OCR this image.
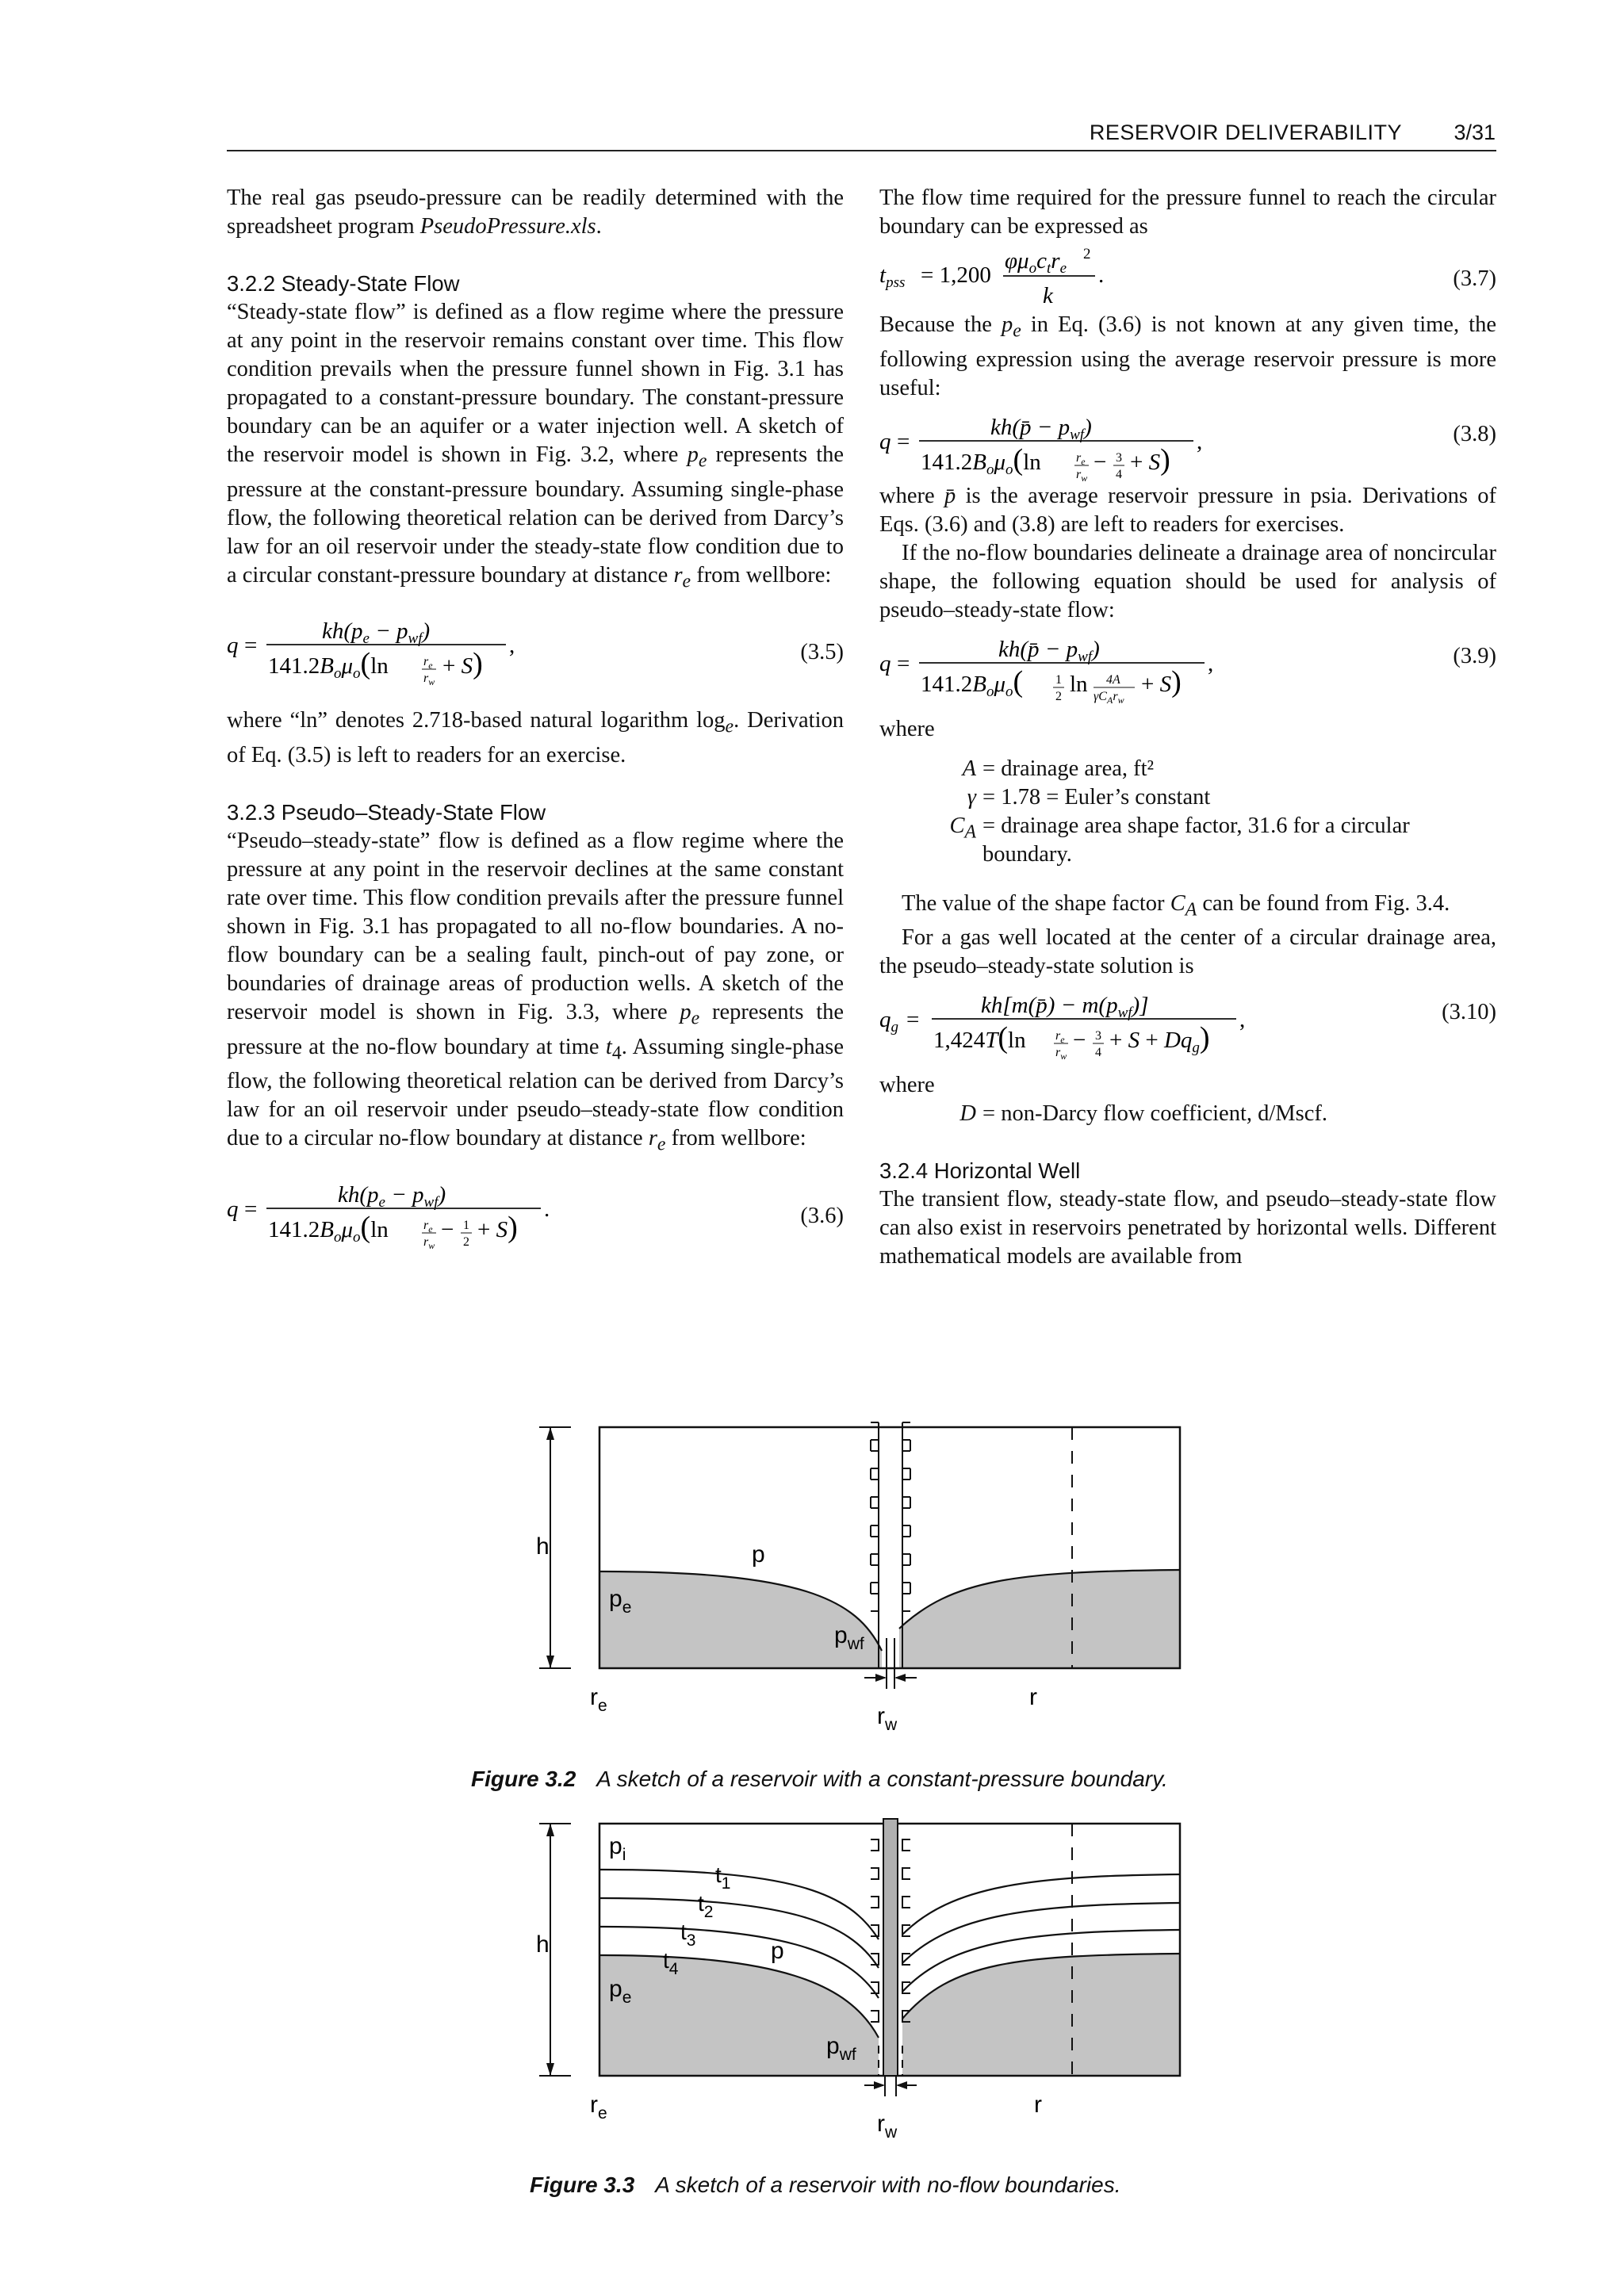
RESERVOIR DELIVERABILITY 3/31

The real gas pseudo-pressure can be readily determined with the spreadsheet program PseudoPressure.xls.

3.2.2 Steady-State Flow

“Steady-state flow” is defined as a flow regime where the pressure at any point in the reservoir remains constant over time. This flow condition prevails when the pressure funnel shown in Fig. 3.1 has propagated to a constant-pressure boundary. The constant-pressure boundary can be an aquifer or a water injection well. A sketch of the reservoir model is shown in Fig. 3.2, where $p_e$ represents the pressure at the constant-pressure boundary. Assuming single-phase flow, the following theoretical relation can be derived from Darcy’s law for an oil reservoir under the steady-state flow condition due to a circular constant-pressure boundary at distance $r_e$ from wellbore:

q =
$kh(p_e - p_{wf})$
$141.2B_o\mu_o(\ln$	$r_e$
$r_w$
+ S)
,	(3.5)

where “ln” denotes 2.718-based natural logarithm $\log_e$. Derivation of Eq. (3.5) is left to readers for an exercise.

3.2.3 Pseudo–Steady-State Flow

“Pseudo–steady-state” flow is defined as a flow regime where the pressure at any point in the reservoir declines at the same constant rate over time. This flow condition prevails after the pressure funnel shown in Fig. 3.1 has propagated to all no-flow boundaries. A no-flow boundary can be a sealing fault, pinch-out of pay zone, or boundaries of drainage areas of production wells. A sketch of the reservoir model is shown in Fig. 3.3, where $p_e$ represents the pressure at the no-flow boundary at time $t_4$. Assuming single-phase flow, the following theoretical relation can be derived from Darcy’s law for an oil reservoir under pseudo–steady-state flow condition due to a circular no-flow boundary at distance $r_e$ from wellbore:

q =
$kh(p_e - p_{wf})$
$141.2B_o\mu_o(\ln$	$r_e$
$r_w$
− 1
2 + S)
.	(3.6)

The flow time required for the pressure funnel to reach the circular boundary can be expressed as

$t_{pss} = 1,200$
$\varphi\mu_oc_tr_e$
2
k
.	(3.7)

Because the $p_e$ in Eq. (3.6) is not known at any given time, the following expression using the average reservoir pressure is more useful:

q =
kh(p̄ − $p_{wf}$)
$141.2B_o\mu_o(\ln$	$r_e$
$r_w$
− 3
4 + S)
,	(3.8)

where p̄ is the average reservoir pressure in psia. Derivations of Eqs. (3.6) and (3.8) are left to readers for exercises.

If the no-flow boundaries delineate a drainage area of noncircular shape, the following equation should be used for analysis of pseudo–steady-state flow:

q =
kh(p̄ − $p_{wf}$)
$141.2B_o\mu_o$(	1
2 ln 4A
$\gamma C_Ar_w$
+ S)
,	(3.9)

where

A = drainage area, ft²
γ = 1.78 = Euler’s constant
$C_A$ = drainage area shape factor, 31.6 for a circular boundary.

The value of the shape factor $C_A$ can be found from Fig. 3.4.

For a gas well located at the center of a circular drainage area, the pseudo–steady-state solution is

$q_g$ =
kh[m(p̄) − $m(p_{wf})$]
1,424T(ln $r_e$
$r_w$
− 3
$4 + S + Dq_g$)
,	(3.10)

where

D = non-Darcy flow coefficient, d/Mscf.

3.2.4 Horizontal Well

The transient flow, steady-state flow, and pseudo–steady-state flow can also exist in reservoirs penetrated by horizontal wells. Different mathematical models are available from

h	p
$p_e$
$p_{wf}$
$r_e$	$r_w$
r
Figure 3.2 A sketch of a reservoir with a constant-pressure boundary.
h
$p_i$
$t_1$
$t_2$
$t_3$
$t_4$
p
$p_e$
$p_{wf}$
$r_e$	$r_w$
r
Figure 3.3 A sketch of a reservoir with no-flow boundaries.
